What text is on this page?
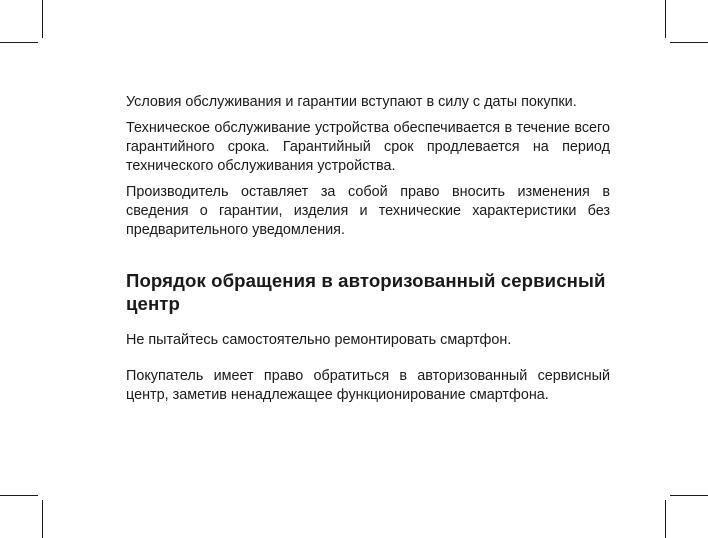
Условия обслуживания и гарантии вступают в силу с даты покупки.

Техническое обслуживание устройства обеспечивается в течение всего гарантийного срока. Гарантийный срок продлевается на период технического обслуживания устройства.

Производитель оставляет за собой право вносить изменения в сведения о гарантии, изделия и технические характеристики без предварительного уведомления.

Порядок обращения в авторизованный сервисный центр

Не пытайтесь самостоятельно ремонтировать смартфон.

Покупатель имеет право обратиться в авторизованный сервисный центр, заметив ненадлежащее функционирование смартфона.
